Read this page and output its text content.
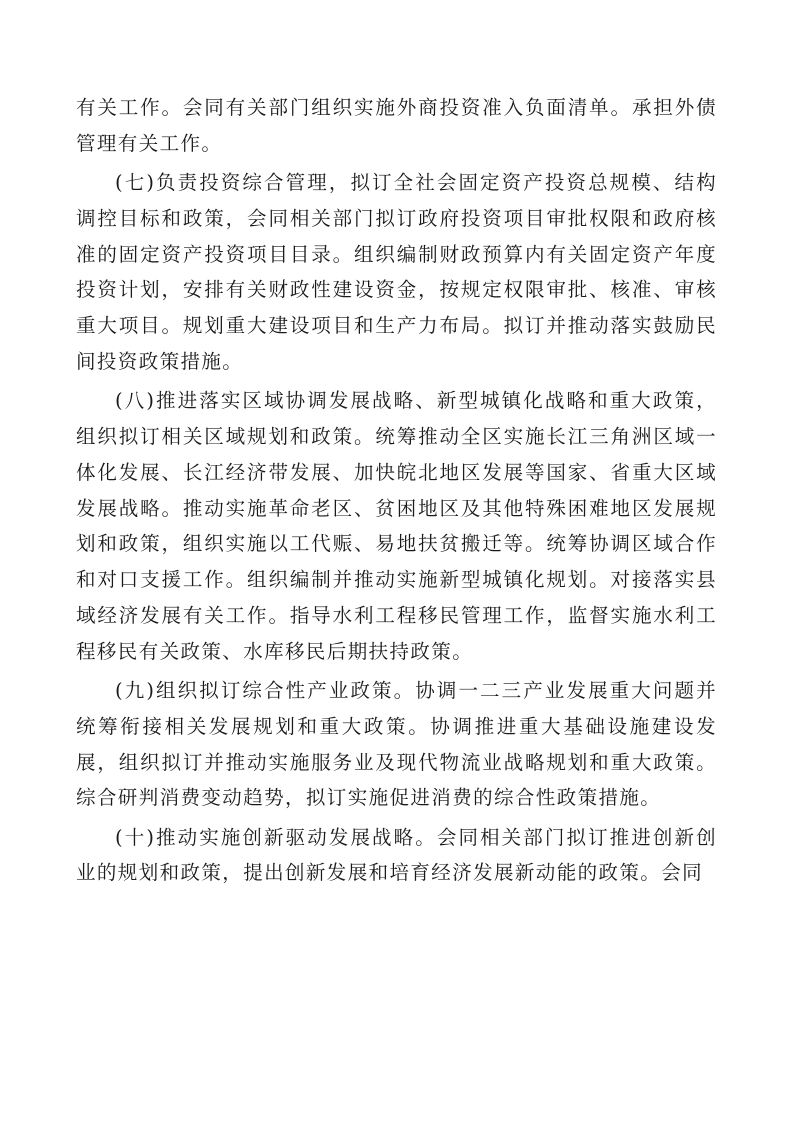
有关工作。会同有关部门组织实施外商投资准入负面清单。承担外债管理有关工作。

(七)负责投资综合管理，拟订全社会固定资产投资总规模、结构调控目标和政策，会同相关部门拟订政府投资项目审批权限和政府核准的固定资产投资项目目录。组织编制财政预算内有关固定资产年度投资计划，安排有关财政性建设资金，按规定权限审批、核准、审核重大项目。规划重大建设项目和生产力布局。拟订并推动落实鼓励民间投资政策措施。

(八)推进落实区域协调发展战略、新型城镇化战略和重大政策，组织拟订相关区域规划和政策。统筹推动全区实施长江三角洲区域一体化发展、长江经济带发展、加快皖北地区发展等国家、省重大区域发展战略。推动实施革命老区、贫困地区及其他特殊困难地区发展规划和政策，组织实施以工代赈、易地扶贫搬迁等。统筹协调区域合作和对口支援工作。组织编制并推动实施新型城镇化规划。对接落实县域经济发展有关工作。指导水利工程移民管理工作，监督实施水利工程移民有关政策、水库移民后期扶持政策。

(九)组织拟订综合性产业政策。协调一二三产业发展重大问题并统筹衔接相关发展规划和重大政策。协调推进重大基础设施建设发展，组织拟订并推动实施服务业及现代物流业战略规划和重大政策。综合研判消费变动趋势，拟订实施促进消费的综合性政策措施。

(十)推动实施创新驱动发展战略。会同相关部门拟订推进创新创业的规划和政策，提出创新发展和培育经济发展新动能的政策。会同
